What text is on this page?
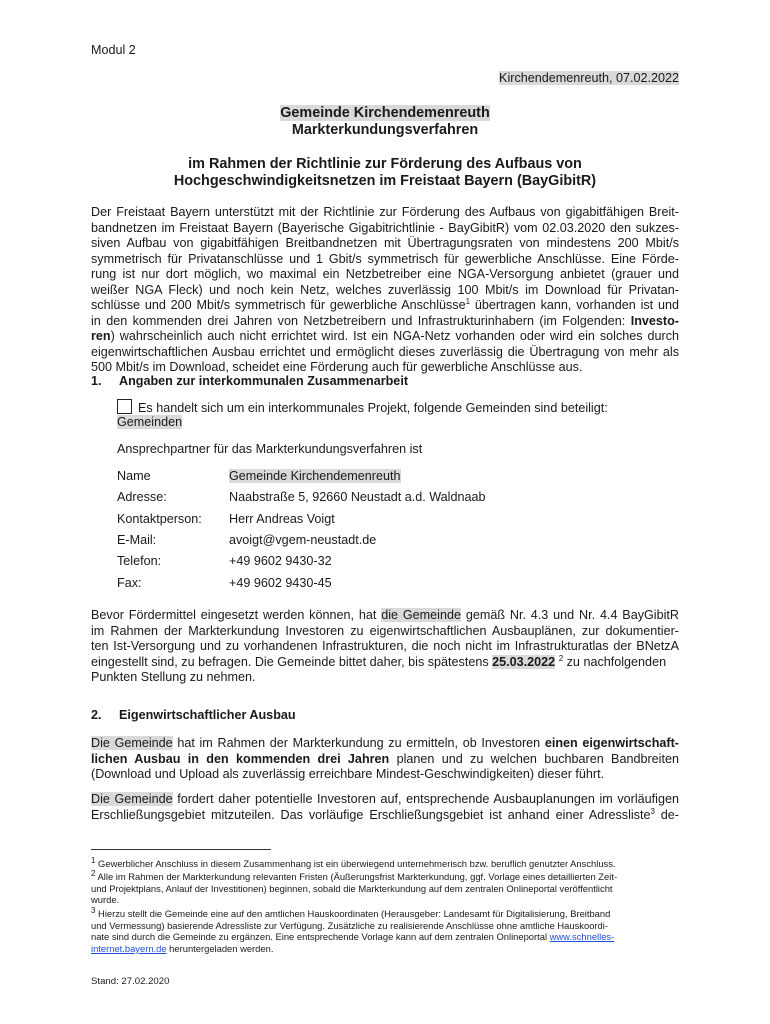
Modul 2
Kirchendemenreuth, 07.02.2022
Gemeinde Kirchendemenreuth
Markterkundungsverfahren
im Rahmen der Richtlinie zur Förderung des Aufbaus von
Hochgeschwindigkeitsnetzen im Freistaat Bayern (BayGibitR)
Der Freistaat Bayern unterstützt mit der Richtlinie zur Förderung des Aufbaus von gigabitfähigen Breit-
bandnetzen im Freistaat Bayern (Bayerische Gigabitrichtlinie - BayGibitR) vom 02.03.2020 den sukzes-
siven Aufbau von gigabitfähigen Breitbandnetzen mit Übertragungsraten von mindestens 200 Mbit/s
symmetrisch für Privatanschlüsse und 1 Gbit/s symmetrisch für gewerbliche Anschlüsse. Eine Förde-
rung ist nur dort möglich, wo maximal ein Netzbetreiber eine NGA-Versorgung anbietet (grauer und
weißer NGA Fleck) und noch kein Netz, welches zuverlässig 100 Mbit/s im Download für Privatan-
schlüsse und 200 Mbit/s symmetrisch für gewerbliche Anschlüsse$^1$ übertragen kann, vorhanden ist und
in den kommenden drei Jahren von Netzbetreibern und Infrastrukturinhabern (im Folgenden: Investo-
ren) wahrscheinlich auch nicht errichtet wird. Ist ein NGA-Netz vorhanden oder wird ein solches durch
eigenwirtschaftlichen Ausbau errichtet und ermöglicht dieses zuverlässig die Übertragung von mehr als
500 Mbit/s im Download, scheidet eine Förderung auch für gewerbliche Anschlüsse aus.
1.     Angaben zur interkommunalen Zusammenarbeit
Es handelt sich um ein interkommunales Projekt, folgende Gemeinden sind beteiligt:
Gemeinden
Ansprechpartner für das Markterkundungsverfahren ist
Name	Gemeinde Kirchendemenreuth
Adresse:	Naabstraße 5, 92660 Neustadt a.d. Waldnaab
Kontaktperson:	Herr Andreas Voigt
E-Mail:	avoigt@vgem-neustadt.de
Telefon:	+49 9602 9430-32
Fax:	+49 9602 9430-45
Bevor Fördermittel eingesetzt werden können, hat die Gemeinde gemäß Nr. 4.3 und Nr. 4.4 BayGibitR
im Rahmen der Markterkundung Investoren zu eigenwirtschaftlichen Ausbauplänen, zur dokumentier-
ten Ist-Versorgung und zu vorhandenen Infrastrukturen, die noch nicht im Infrastrukturatlas der BNetzA
eingestellt sind, zu befragen. Die Gemeinde bittet daher, bis spätestens 25.03.2022 $^2$ zu nachfolgenden
Punkten Stellung zu nehmen.
2.     Eigenwirtschaftlicher Ausbau
Die Gemeinde hat im Rahmen der Markterkundung zu ermitteln, ob Investoren einen eigenwirtschaft-
lichen Ausbau in den kommenden drei Jahren planen und zu welchen buchbaren Bandbreiten
(Download und Upload als zuverlässig erreichbare Mindest-Geschwindigkeiten) dieser führt.
Die Gemeinde fordert daher potentielle Investoren auf, entsprechende Ausbauplanungen im vorläufigen
Erschließungsgebiet mitzuteilen. Das vorläufige Erschließungsgebiet ist anhand einer Adressliste$^3$ de-
$^1$ Gewerblicher Anschluss in diesem Zusammenhang ist ein überwiegend unternehmerisch bzw. beruflich genutzter Anschluss.
$^2$ Alle im Rahmen der Markterkundung relevanten Fristen (Äußerungsfrist Markterkundung, ggf. Vorlage eines detaillierten Zeit-
und Projektplans, Anlauf der Investitionen) beginnen, sobald die Markterkundung auf dem zentralen Onlineportal veröffentlicht
wurde.
$^3$ Hierzu stellt die Gemeinde eine auf den amtlichen Hauskoordinaten (Herausgeber: Landesamt für Digitalisierung, Breitband
und Vermessung) basierende Adressliste zur Verfügung. Zusätzliche zu realisierende Anschlüsse ohne amtliche Hauskoordi-
nate sind durch die Gemeinde zu ergänzen. Eine entsprechende Vorlage kann auf dem zentralen Onlineportal www.schnelles-
internet.bayern.de heruntergeladen werden.
Stand: 27.02.2020
